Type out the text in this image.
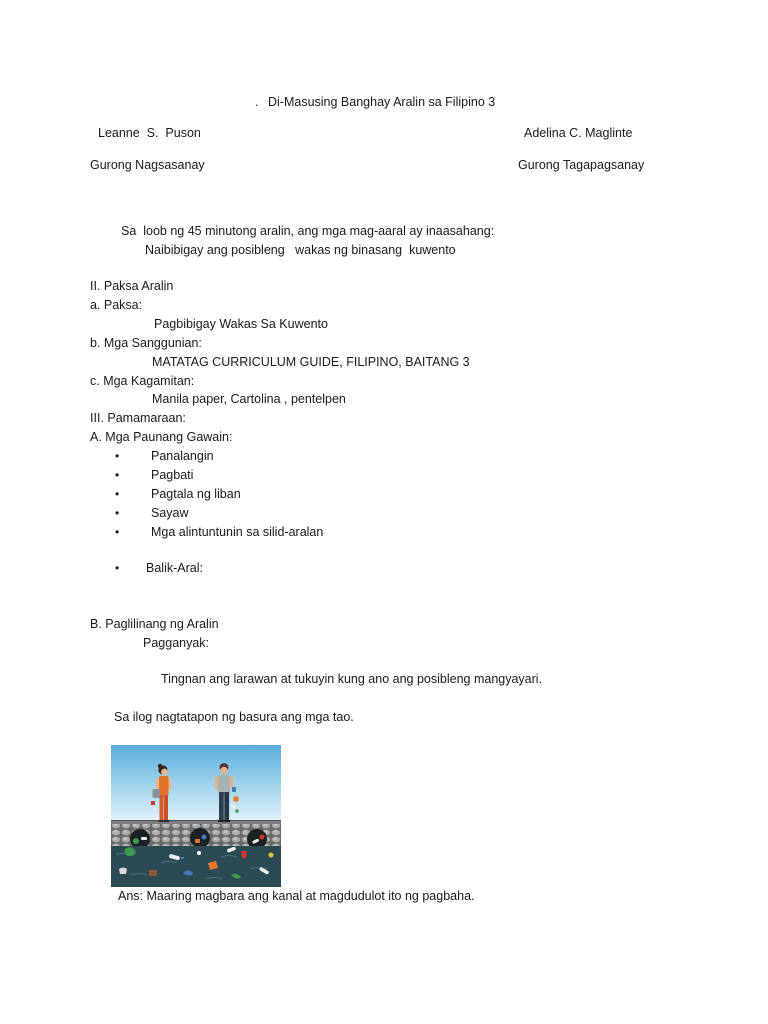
. Di-Masusing Banghay Aralin sa Filipino 3
Leanne  S.  Puson	Adelina C. Maglinte
Gurong Nagsasanay	Gurong Tagapagsanay
Sa  loob ng 45 minutong aralin, ang mga mag-aaral ay inaasahang:
Naibibigay ang posibleng   wakas ng binasang  kuwento
II. Paksa Aralin
a. Paksa:
Pagbibigay Wakas Sa Kuwento
b. Mga Sanggunian:
MATATAG CURRICULUM GUIDE, FILIPINO, BAITANG 3
c. Mga Kagamitan:
Manila paper, Cartolina , pentelpen
III. Pamamaraan:
A. Mga Paunang Gawain:
•	Panalangin
•	Pagbati
•	Pagtala ng liban
•	Sayaw
•	Mga alintuntunin sa silid-aralan
• Balik-Aral:
B. Paglilinang ng Aralin
Pagganyak:
Tingnan ang larawan at tukuyin kung ano ang posibleng mangyayari.
Sa ilog nagtatapon ng basura ang mga tao.
Ans: Maaring magbara ang kanal at magdudulot ito ng pagbaha.
